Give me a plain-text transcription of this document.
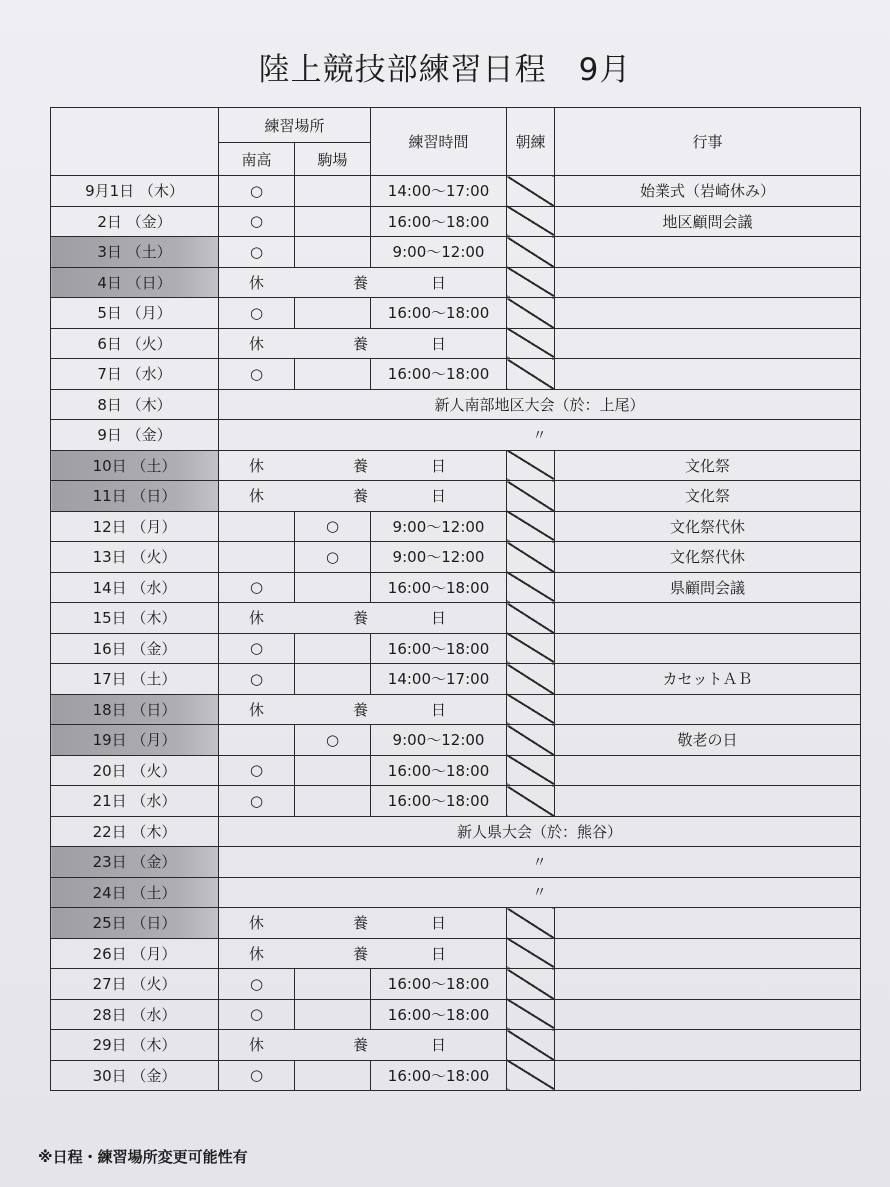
陸上競技部練習日程　9月
	練習場所		練習時間	朝練	行事
	南高	駒場			
9月1日 （木）	○		14:00〜17:00		始業式（岩崎休み）
2日 （金）	○		16:00〜18:00		地区顧問会議
3日 （土）	○		9:00〜12:00		
4日 （日）	休	養	日		
5日 （月）	○		16:00〜18:00		
6日 （火）	休	養	日		
7日 （水）	○		16:00〜18:00		
8日 （木）	新人南部地区大会（於：上尾）				
9日 （金）	〃				
10日 （土）	休	養	日		文化祭
11日 （日）	休	養	日		文化祭
12日 （月）		○	9:00〜12:00		文化祭代休
13日 （火）		○	9:00〜12:00		文化祭代休
14日 （水）	○		16:00〜18:00		県顧問会議
15日 （木）	休	養	日		
16日 （金）	○		16:00〜18:00		
17日 （土）	○		14:00〜17:00		カセットＡＢ
18日 （日）	休	養	日		
19日 （月）		○	9:00〜12:00		敬老の日
20日 （火）	○		16:00〜18:00		
21日 （水）	○		16:00〜18:00		
22日 （木）	新人県大会（於：熊谷）				
23日 （金）	〃				
24日 （土）	〃				
25日 （日）	休	養	日		
26日 （月）	休	養	日		
27日 （火）	○		16:00〜18:00		
28日 （水）	○		16:00〜18:00		
29日 （木）	休	養	日		
30日 （金）	○		16:00〜18:00		
※日程・練習場所変更可能性有
